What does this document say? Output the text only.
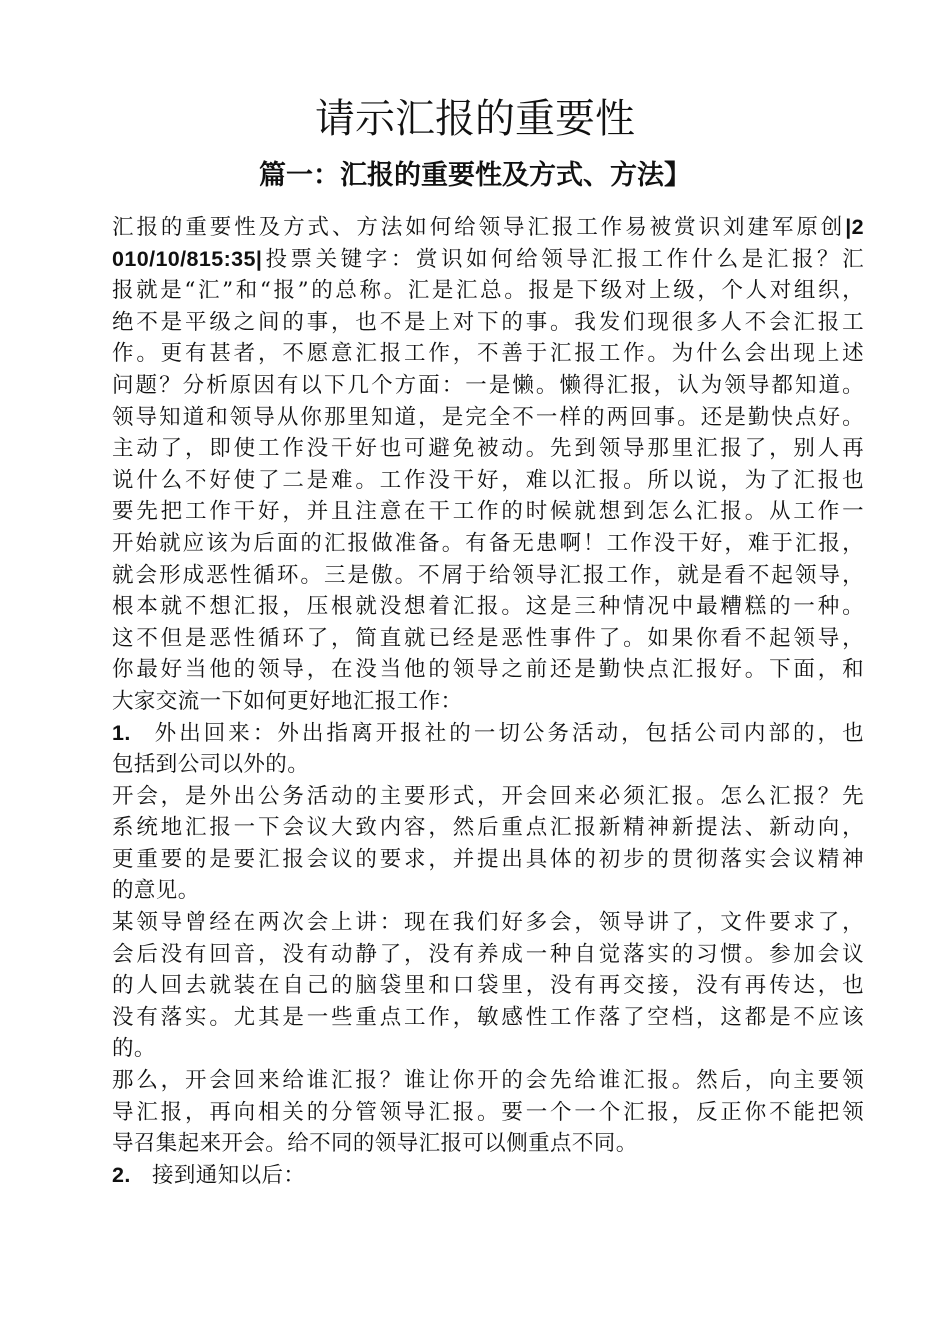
请示汇报的重要性
篇一：汇报的重要性及方式、方法】
汇报的重要性及方式、方法如何给领导汇报工作易被赏识刘建军原创|2
010/10/815:35|投票关键字：赏识如何给领导汇报工作什么是汇报？汇
报就是“汇”和“报”的总称。汇是汇总。报是下级对上级，个人对组织，
绝不是平级之间的事，也不是上对下的事。我发们现很多人不会汇报工
作。更有甚者，不愿意汇报工作，不善于汇报工作。为什么会出现上述
问题？分析原因有以下几个方面：一是懒。懒得汇报，认为领导都知道。
领导知道和领导从你那里知道，是完全不一样的两回事。还是勤快点好。
主动了，即使工作没干好也可避免被动。先到领导那里汇报了，别人再
说什么不好使了二是难。工作没干好，难以汇报。所以说，为了汇报也
要先把工作干好，并且注意在干工作的时候就想到怎么汇报。从工作一
开始就应该为后面的汇报做准备。有备无患啊！工作没干好，难于汇报，
就会形成恶性循环。三是傲。不屑于给领导汇报工作，就是看不起领导，
根本就不想汇报，压根就没想着汇报。这是三种情况中最糟糕的一种。
这不但是恶性循环了，简直就已经是恶性事件了。如果你看不起领导，
你最好当他的领导，在没当他的领导之前还是勤快点汇报好。下面，和
大家交流一下如何更好地汇报工作：
1. 外出回来：外出指离开报社的一切公务活动，包括公司内部的，也
包括到公司以外的。
开会，是外出公务活动的主要形式，开会回来必须汇报。怎么汇报？先
系统地汇报一下会议大致内容，然后重点汇报新精神新提法、新动向，
更重要的是要汇报会议的要求，并提出具体的初步的贯彻落实会议精神
的意见。
某领导曾经在两次会上讲：现在我们好多会，领导讲了，文件要求了，
会后没有回音，没有动静了，没有养成一种自觉落实的习惯。参加会议
的人回去就装在自己的脑袋里和口袋里，没有再交接，没有再传达，也
没有落实。尤其是一些重点工作，敏感性工作落了空档，这都是不应该
的。
那么，开会回来给谁汇报？谁让你开的会先给谁汇报。然后，向主要领
导汇报，再向相关的分管领导汇报。要一个一个汇报，反正你不能把领
导召集起来开会。给不同的领导汇报可以侧重点不同。
2. 接到通知以后：
